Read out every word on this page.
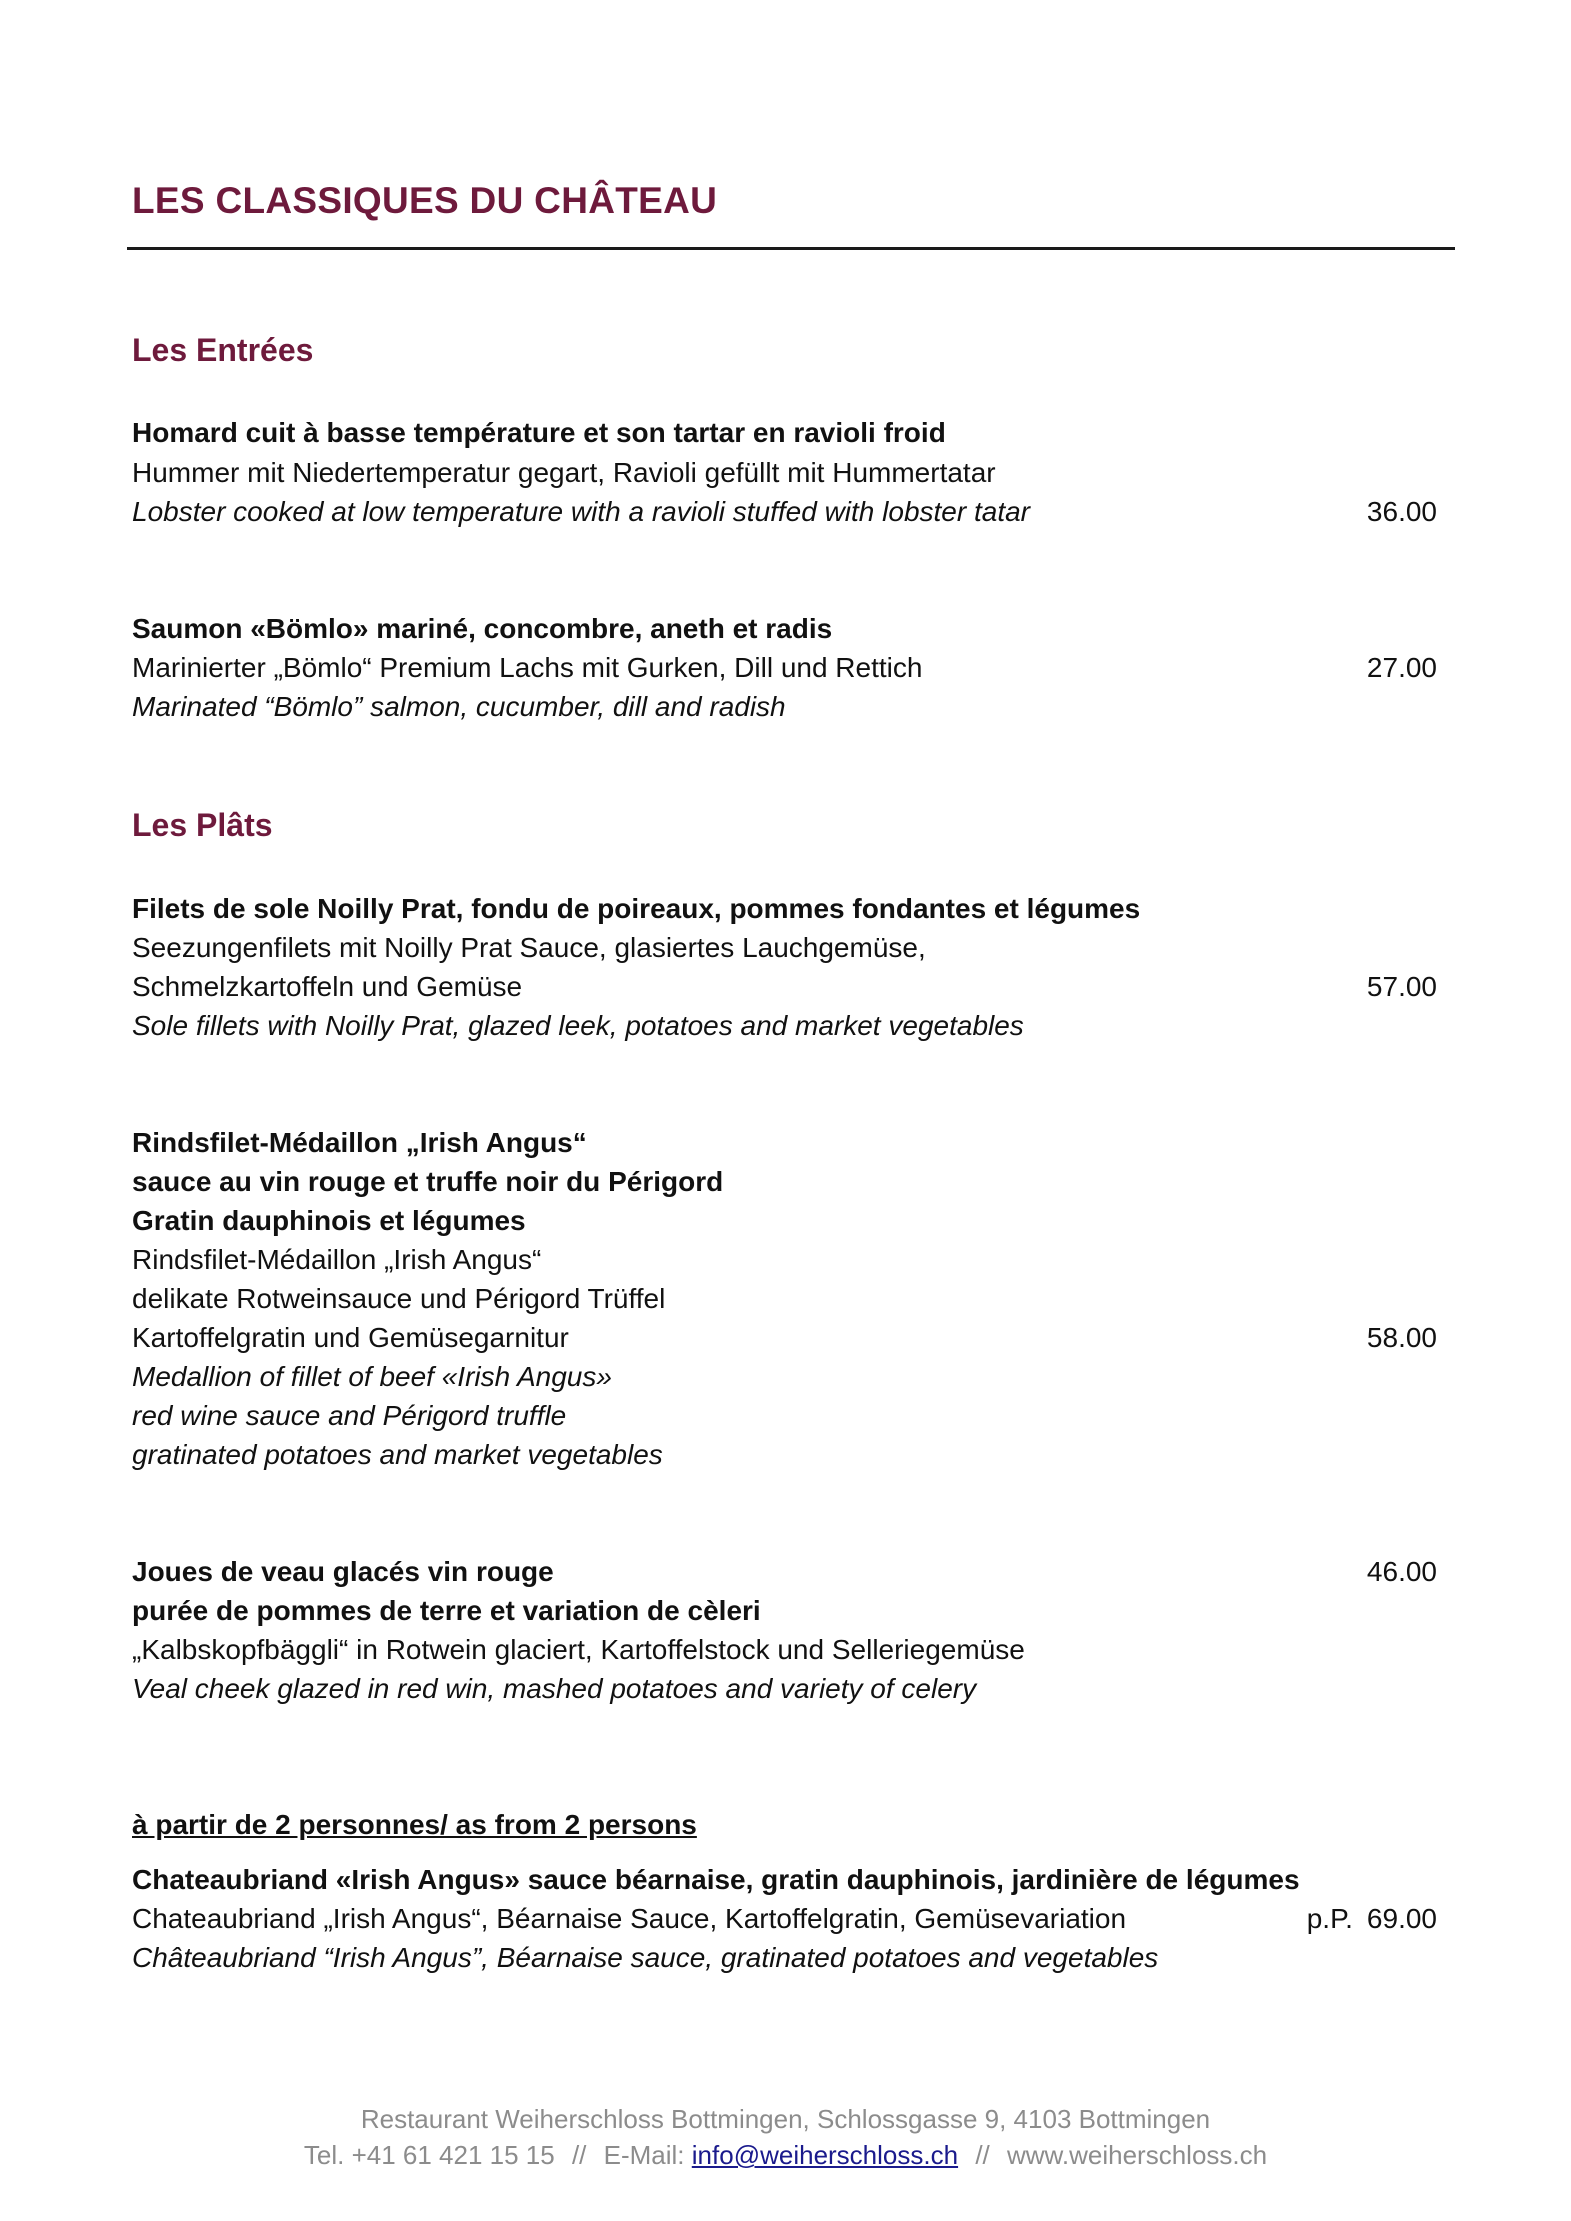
LES CLASSIQUES DU CHÂTEAU
Les Entrées
Homard cuit à basse température et son tartar en ravioli froid
Hummer mit Niedertemperatur gegart, Ravioli gefüllt mit Hummertatar
Lobster cooked at low temperature with a ravioli stuffed with lobster tatar	36.00
Saumon «Bömlo» mariné, concombre, aneth et radis
Marinierter „Bömlo“ Premium Lachs mit Gurken, Dill und Rettich
Marinated “Bömlo” salmon, cucumber, dill and radish
27.00
Les Plâts
Filets de sole Noilly Prat, fondu de poireaux, pommes fondantes et légumes
Seezungenfilets mit Noilly Prat Sauce, glasiertes Lauchgemüse,
Schmelzkartoffeln und Gemüse
Sole fillets with Noilly Prat, glazed leek, potatoes and market vegetables
57.00
Rindsfilet-Médaillon „Irish Angus“
sauce au vin rouge et truffe noir du Périgord
Gratin dauphinois et légumes
Rindsfilet-Médaillon „Irish Angus“
delikate Rotweinsauce und Périgord Trüffel
Kartoffelgratin und Gemüsegarnitur
Medallion of fillet of beef «Irish Angus»
red wine sauce and Périgord truffle
gratinated potatoes and market vegetables
58.00
Joues de veau glacés vin rouge
purée de pommes de terre et variation de cèleri
„Kalbskopfbäggli“ in Rotwein glaciert, Kartoffelstock und Selleriegemüse
Veal cheek glazed in red win, mashed potatoes and variety of celery
46.00
à partir de 2 personnes/ as from 2 persons
Chateaubriand «Irish Angus» sauce béarnaise, gratin dauphinois, jardinière de légumes
Chateaubriand „Irish Angus“, Béarnaise Sauce, Kartoffelgratin, Gemüsevariation
Châteaubriand “Irish Angus”, Béarnaise sauce, gratinated potatoes and vegetables
p.P. 69.00
Restaurant Weiherschloss Bottmingen, Schlossgasse 9, 4103 Bottmingen
Tel. +41 61 421 15 15 // E-Mail: info@weiherschloss.ch // www.weiherschloss.ch
